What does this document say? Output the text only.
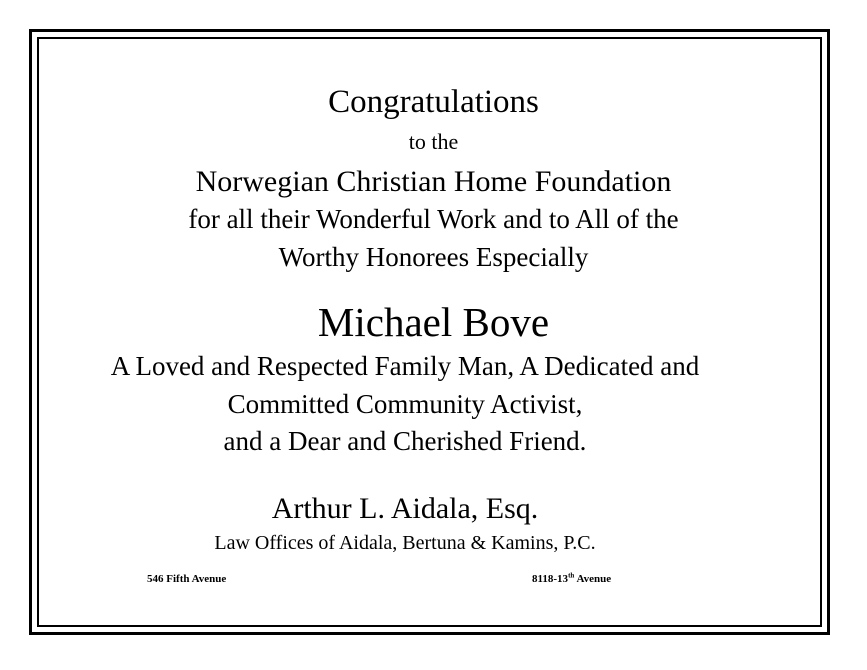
Congratulations
to the
Norwegian Christian Home Foundation
for all their Wonderful Work and to All of the
Worthy Honorees Especially
Michael Bove
A Loved and Respected Family Man, A Dedicated and
Committed Community Activist,
and a Dear and Cherished Friend.
Arthur L. Aidala, Esq.
Law Offices of Aidala, Bertuna & Kamins, P.C.
546 Fifth Avenue	8118-13th Avenue
